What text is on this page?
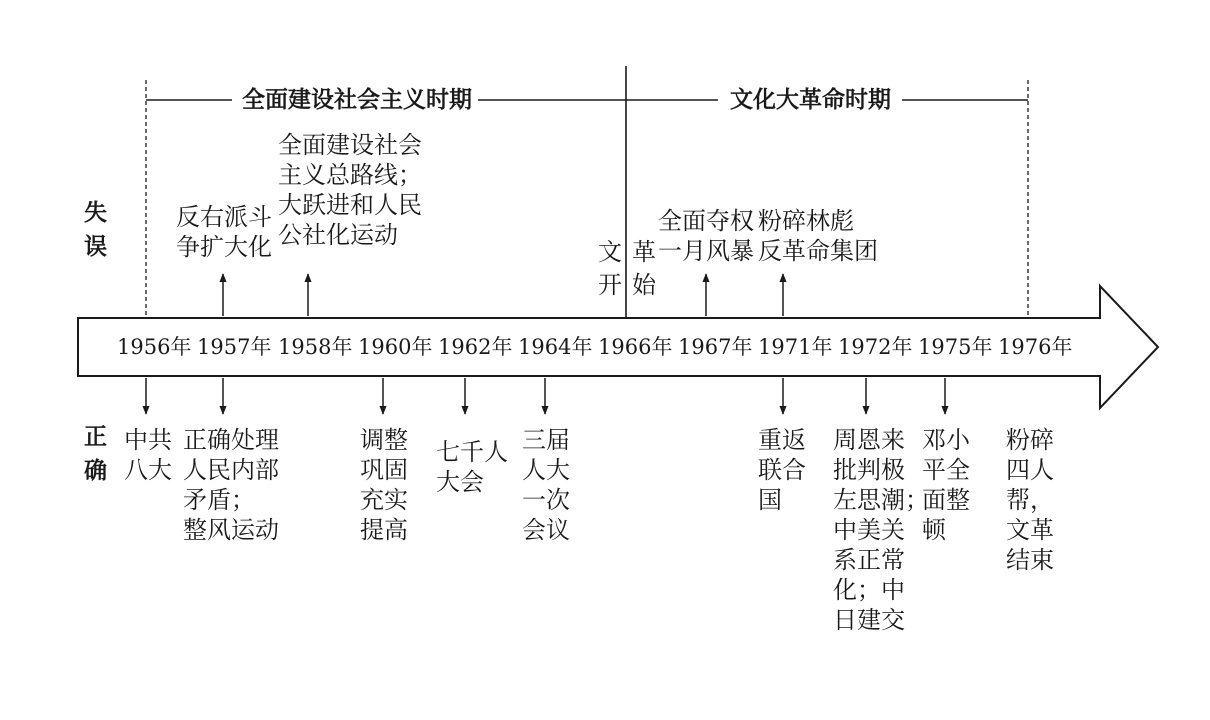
全面建设社会主义时期	文化大革命时期
失
误
正
确
1956年 1957年 1958年 1960年 1962年 1964年 1966年 1967年 1971年 1972年 1975年 1976年
反右派斗
争扩大化
全面建设社会
主义总路线；
大跃进和人民
公社化运动
文
开
革
始
全面夺权
一月风暴
粉碎林彪
反革命集团
中共
八大
正确处理
人民内部
矛盾；
整风运动
调整
巩固
充实
提高
七千人
大会
三届
人大
一次
会议
重返
联合
国
周恩来
批判极
左思潮；
中美关
系正常
化；中
日建交
邓小
平全
面整
顿
粉碎
四人
帮，
文革
结束
